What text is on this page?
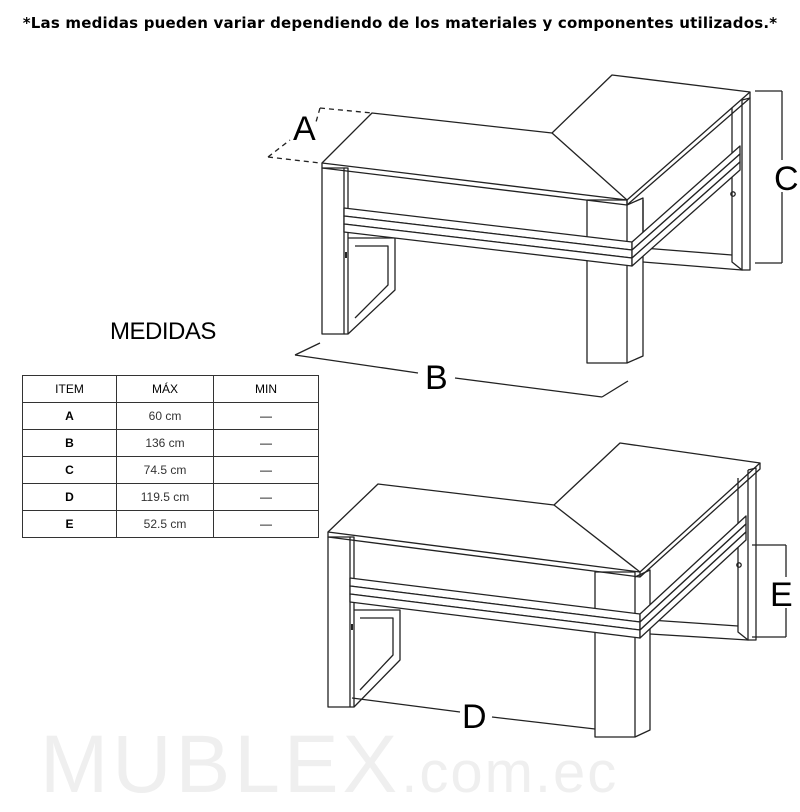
*Las medidas pueden variar dependiendo de los materiales y componentes utilizados.*
MEDIDAS
ITEM	MÁX	MIN
A	60 cm	—
B	136 cm	—
C	74.5 cm	—
D	119.5 cm	—
E	52.5 cm	—
MUBLEX.com.ec
A
B
C
D
E
